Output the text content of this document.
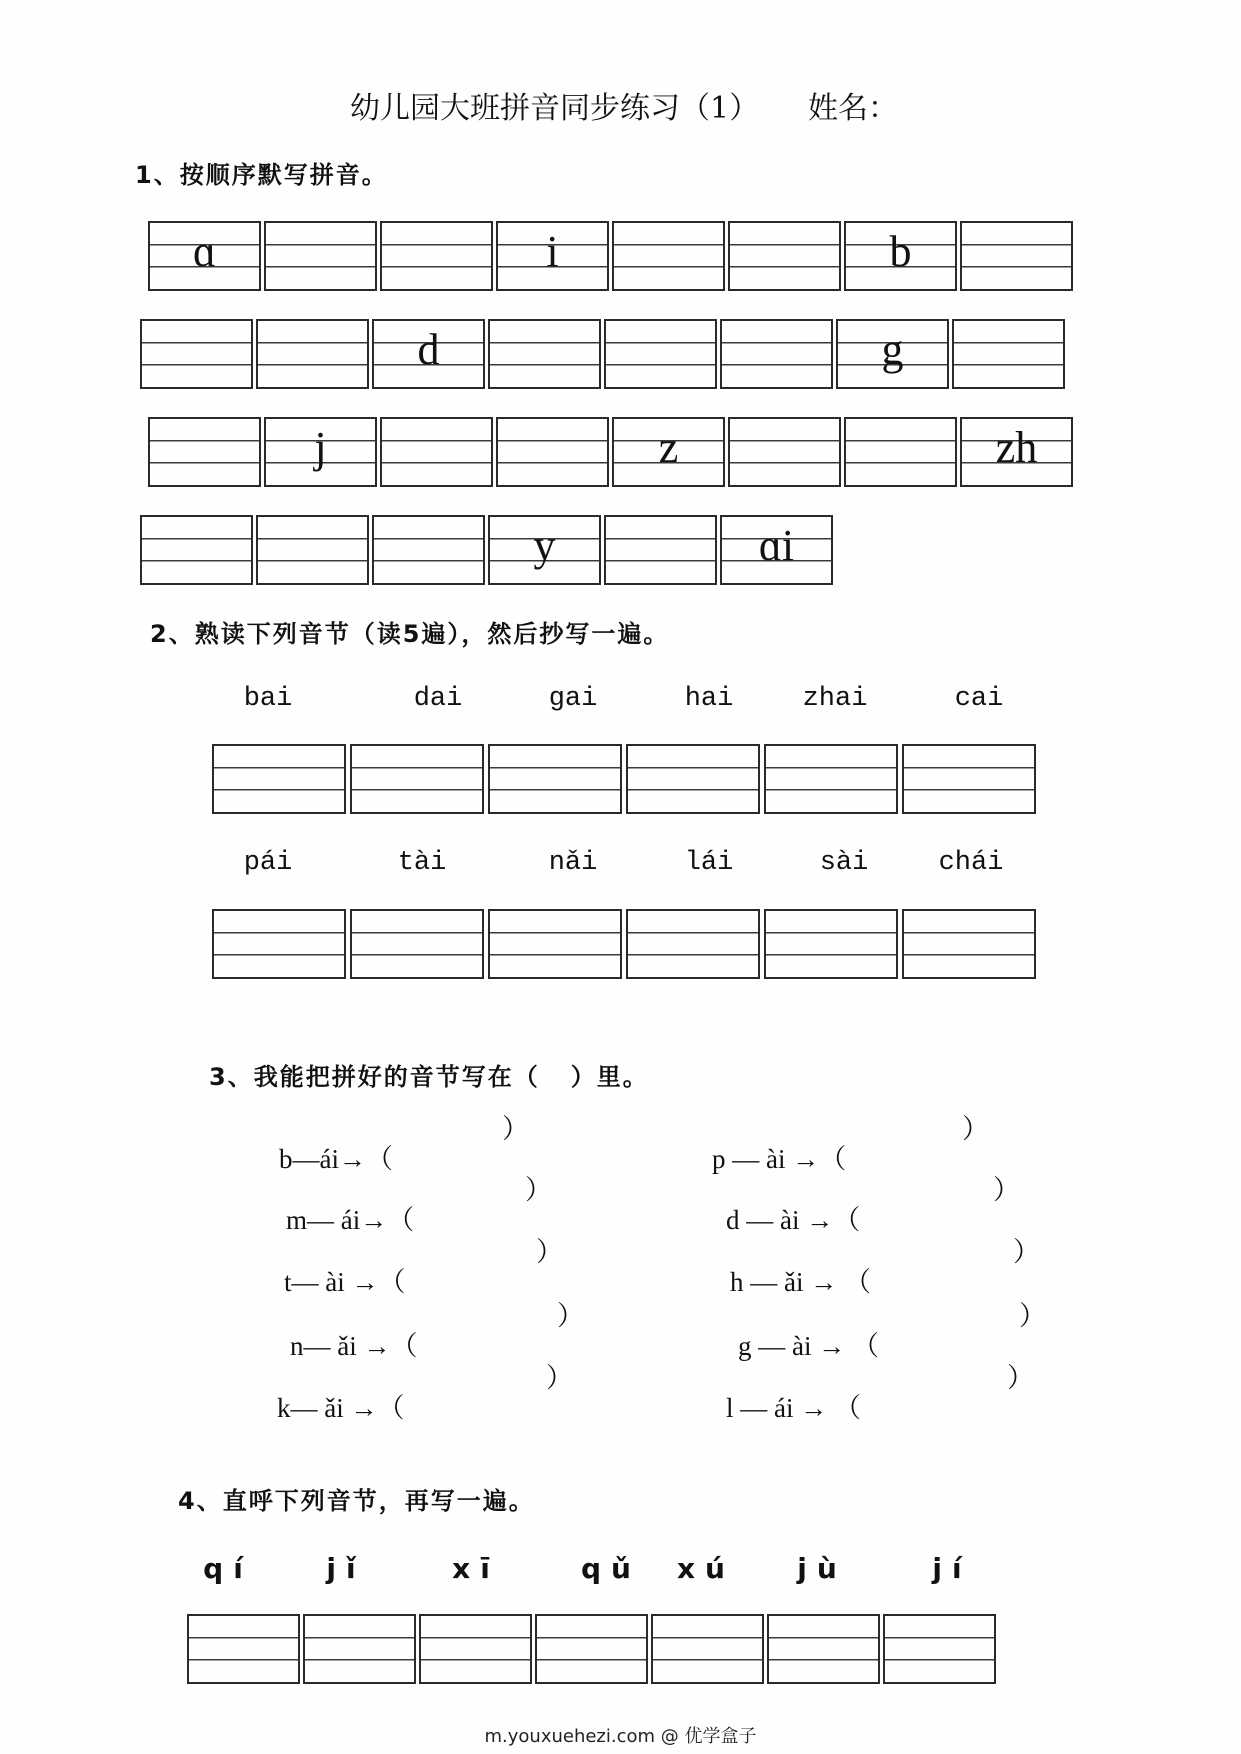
幼儿园大班拼音同步练习（1） 姓名：
1、按顺序默写拼音。
ɑ	i	b
d	g
j	z	zh
y	ɑi
2、熟读下列音节（读5遍），然后抄写一遍。
bai	dai	gai	hai	zhai	cai
pái	tài	nǎi	lái	sài	chái
3、我能把拼好的音节写在（   ）里。

b—ái→（

）

m— ái→（

）

t— ài →（

）

n— ǎi →（

）

k— ǎi →（

）

p — ài →（

）

d — ài →（

）

h — ǎi → （

）

g — ài → （

）

l — ái → （

）

4、直呼下列音节，再写一遍。
qí	jǐ	xī	qǔ xú jù	jí
m.youxuehezi.com @ 优学盒子
